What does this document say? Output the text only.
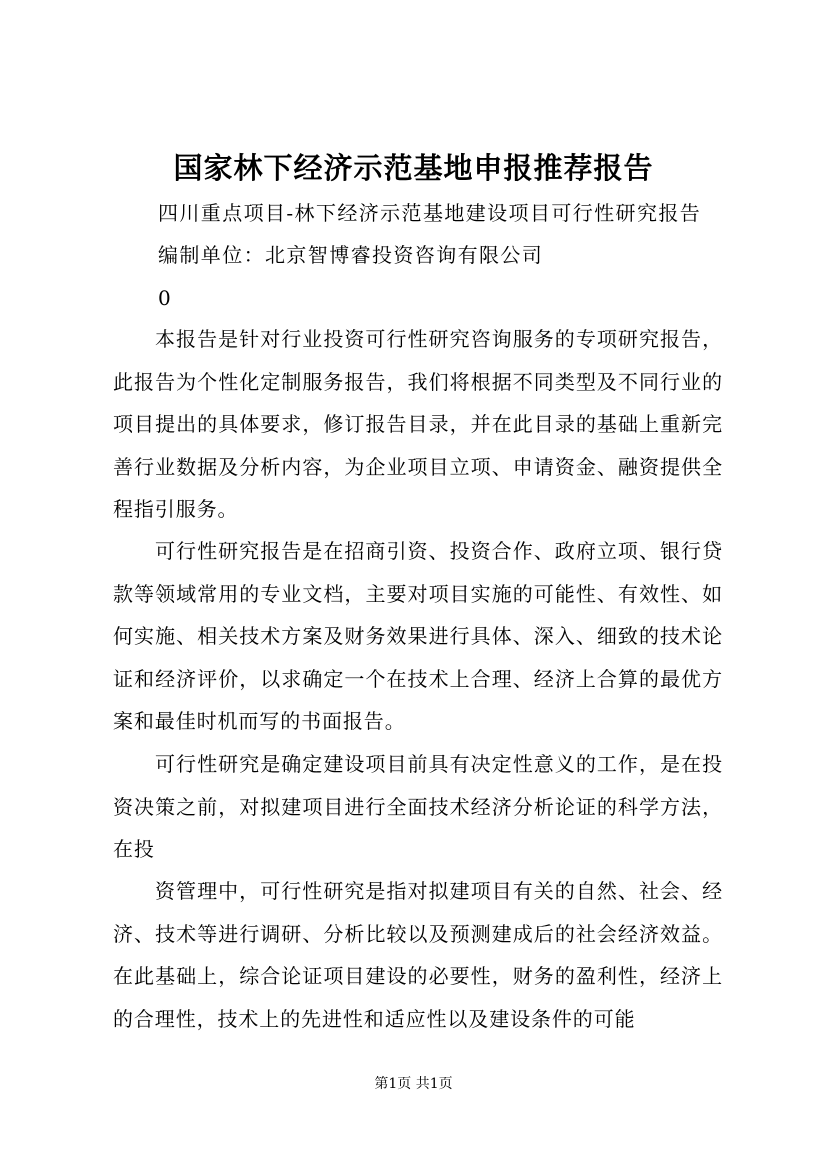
国家林下经济示范基地申报推荐报告
四川重点项目-林下经济示范基地建设项目可行性研究报告
编制单位：北京智博睿投资咨询有限公司
0

本报告是针对行业投资可行性研究咨询服务的专项研究报告，此报告为个性化定制服务报告，我们将根据不同类型及不同行业的项目提出的具体要求，修订报告目录，并在此目录的基础上重新完善行业数据及分析内容，为企业项目立项、申请资金、融资提供全程指引服务。

可行性研究报告是在招商引资、投资合作、政府立项、银行贷款等领域常用的专业文档，主要对项目实施的可能性、有效性、如何实施、相关技术方案及财务效果进行具体、深入、细致的技术论证和经济评价，以求确定一个在技术上合理、经济上合算的最优方案和最佳时机而写的书面报告。

可行性研究是确定建设项目前具有决定性意义的工作，是在投资决策之前，对拟建项目进行全面技术经济分析论证的科学方法，在投

资管理中，可行性研究是指对拟建项目有关的自然、社会、经济、技术等进行调研、分析比较以及预测建成后的社会经济效益。在此基础上，综合论证项目建设的必要性，财务的盈利性，经济上的合理性，技术上的先进性和适应性以及建设条件的可能

第1页 共1页
